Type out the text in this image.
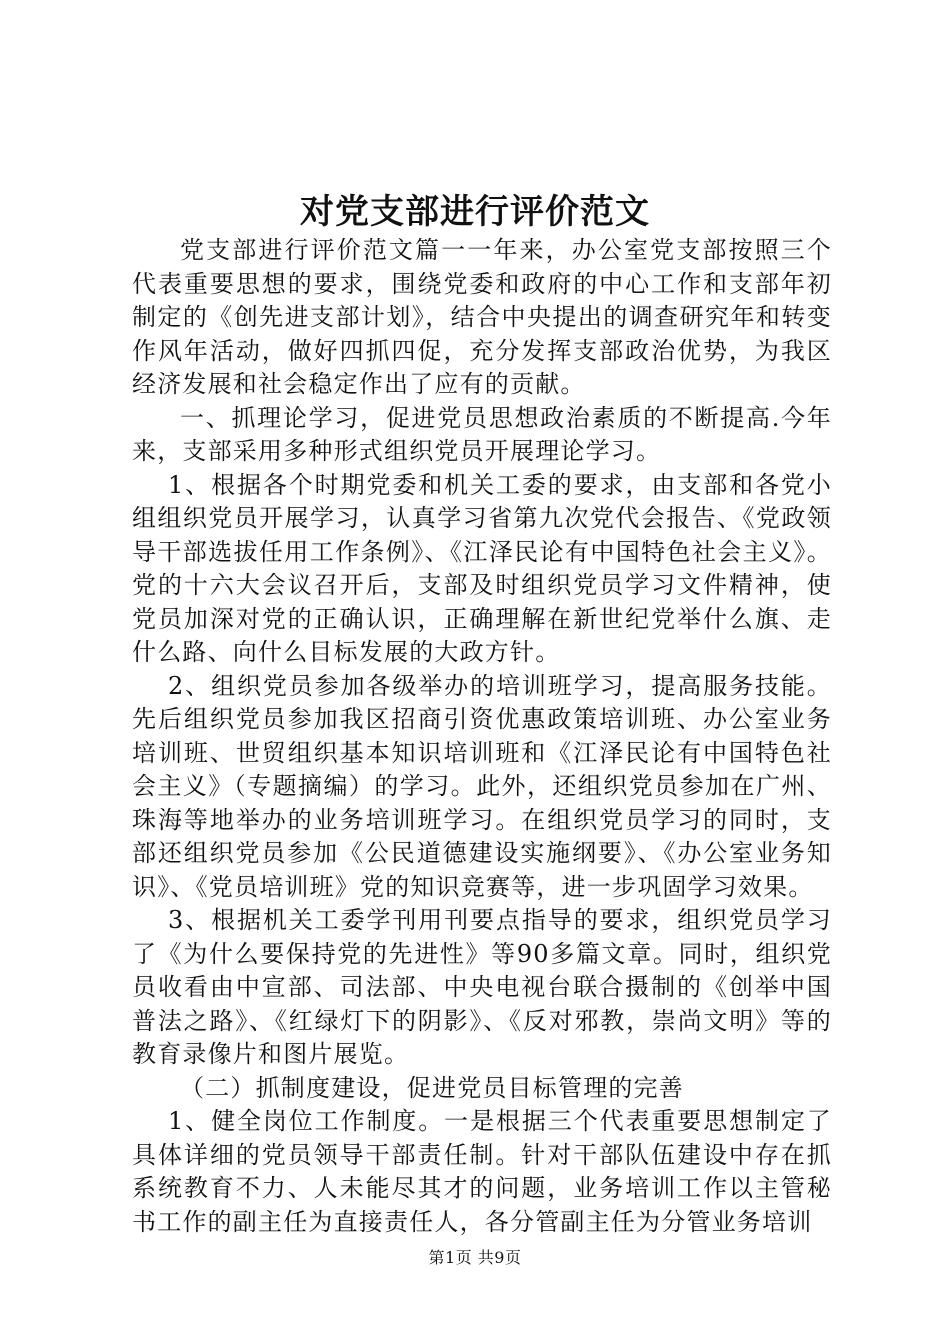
对党支部进行评价范文

党支部进行评价范文篇一一年来，办公室党支部按照三个代表重要思想的要求，围绕党委和政府的中心工作和支部年初制定的《创先进支部计划》，结合中央提出的调查研究年和转变作风年活动，做好四抓四促，充分发挥支部政治优势，为我区经济发展和社会稳定作出了应有的贡献。

一、抓理论学习，促进党员思想政治素质的不断提高.今年来，支部采用多种形式组织党员开展理论学习。

1、根据各个时期党委和机关工委的要求，由支部和各党小组组织党员开展学习，认真学习省第九次党代会报告、《党政领导干部选拔任用工作条例》、《江泽民论有中国特色社会主义》。党的十六大会议召开后，支部及时组织党员学习文件精神，使党员加深对党的正确认识，正确理解在新世纪党举什么旗、走什么路、向什么目标发展的大政方针。

2、组织党员参加各级举办的培训班学习，提高服务技能。先后组织党员参加我区招商引资优惠政策培训班、办公室业务培训班、世贸组织基本知识培训班和《江泽民论有中国特色社会主义》（专题摘编）的学习。此外，还组织党员参加在广州、珠海等地举办的业务培训班学习。在组织党员学习的同时，支部还组织党员参加《公民道德建设实施纲要》、《办公室业务知识》、《党员培训班》党的知识竞赛等，进一步巩固学习效果。

3、根据机关工委学刊用刊要点指导的要求，组织党员学习了《为什么要保持党的先进性》等90多篇文章。同时，组织党员收看由中宣部、司法部、中央电视台联合摄制的《创举中国普法之路》、《红绿灯下的阴影》、《反对邪教，崇尚文明》等的教育录像片和图片展览。

（二）抓制度建设，促进党员目标管理的完善

1、健全岗位工作制度。一是根据三个代表重要思想制定了具体详细的党员领导干部责任制。针对干部队伍建设中存在抓系统教育不力、人未能尽其才的问题，业务培训工作以主管秘书工作的副主任为直接责任人，各分管副主任为分管业务培训

第1页 共9页
